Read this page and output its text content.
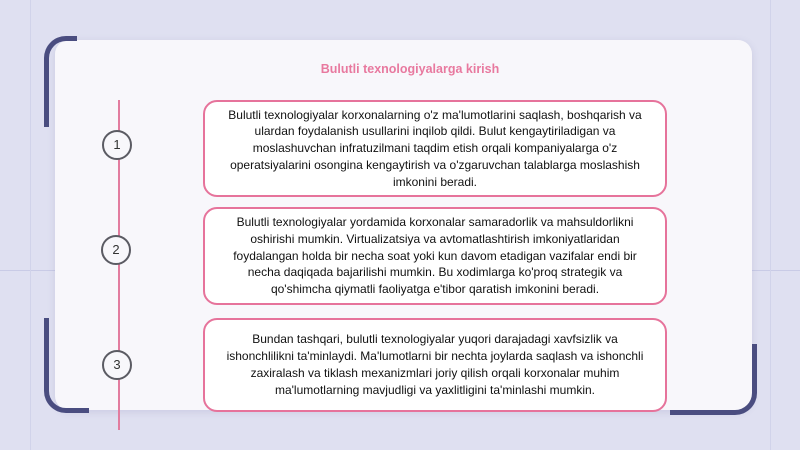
Bulutli texnologiyalarga kirish
1
2
3
Bulutli texnologiyalar korxonalarning o'z ma'lumotlarini saqlash, boshqarish va ulardan foydalanish usullarini inqilob qildi. Bulut kengaytiriladigan va moslashuvchan infratuzilmani taqdim etish orqali kompaniyalarga o'z operatsiyalarini osongina kengaytirish va o'zgaruvchan talablarga moslashish imkonini beradi.
Bulutli texnologiyalar yordamida korxonalar samaradorlik va mahsuldorlikni oshirishi mumkin. Virtualizatsiya va avtomatlashtirish imkoniyatlaridan foydalangan holda bir necha soat yoki kun davom etadigan vazifalar endi bir necha daqiqada bajarilishi mumkin. Bu xodimlarga ko'proq strategik va qo'shimcha qiymatli faoliyatga e'tibor qaratish imkonini beradi.
Bundan tashqari, bulutli texnologiyalar yuqori darajadagi xavfsizlik va ishonchlilikni ta'minlaydi. Ma'lumotlarni bir nechta joylarda saqlash va ishonchli zaxiralash va tiklash mexanizmlari joriy qilish orqali korxonalar muhim ma'lumotlarning mavjudligi va yaxlitligini ta'minlashi mumkin.
